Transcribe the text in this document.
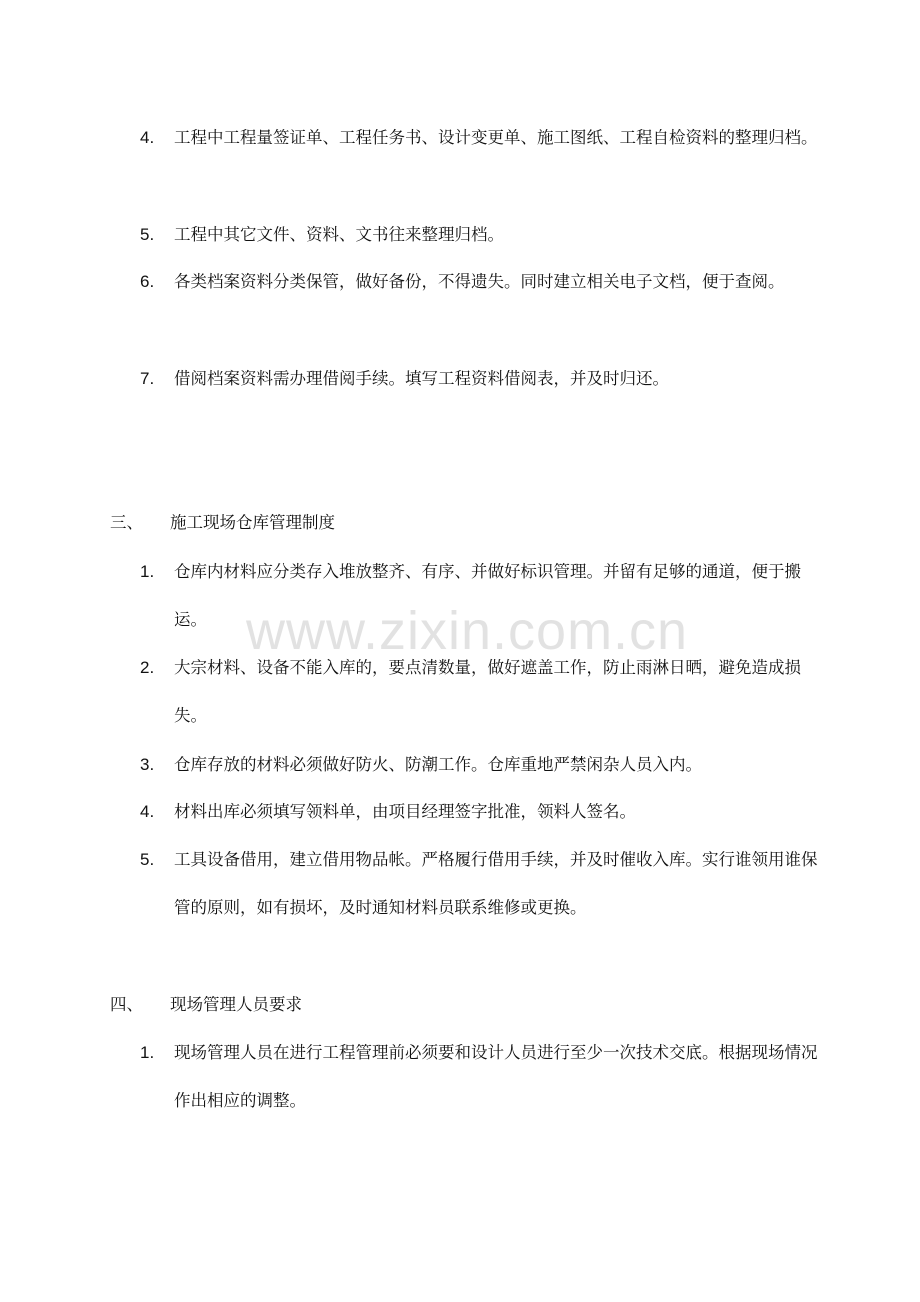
4. 工程中工程量签证单、工程任务书、设计变更单、施工图纸、工程自检资料的整理归档。
5. 工程中其它文件、资料、文书往来整理归档。
6. 各类档案资料分类保管，做好备份，不得遗失。同时建立相关电子文档，便于查阅。
7. 借阅档案资料需办理借阅手续。填写工程资料借阅表，并及时归还。
三、 施工现场仓库管理制度
1. 仓库内材料应分类存入堆放整齐、有序、并做好标识管理。并留有足够的通道，便于搬运。
2. 大宗材料、设备不能入库的，要点清数量，做好遮盖工作，防止雨淋日晒，避免造成损失。
3. 仓库存放的材料必须做好防火、防潮工作。仓库重地严禁闲杂人员入内。
4. 材料出库必须填写领料单，由项目经理签字批准，领料人签名。
5. 工具设备借用，建立借用物品帐。严格履行借用手续，并及时催收入库。实行谁领用谁保管的原则，如有损坏，及时通知材料员联系维修或更换。
四、 现场管理人员要求
1. 现场管理人员在进行工程管理前必须要和设计人员进行至少一次技术交底。根据现场情况作出相应的调整。
www.zixin.com.cn
